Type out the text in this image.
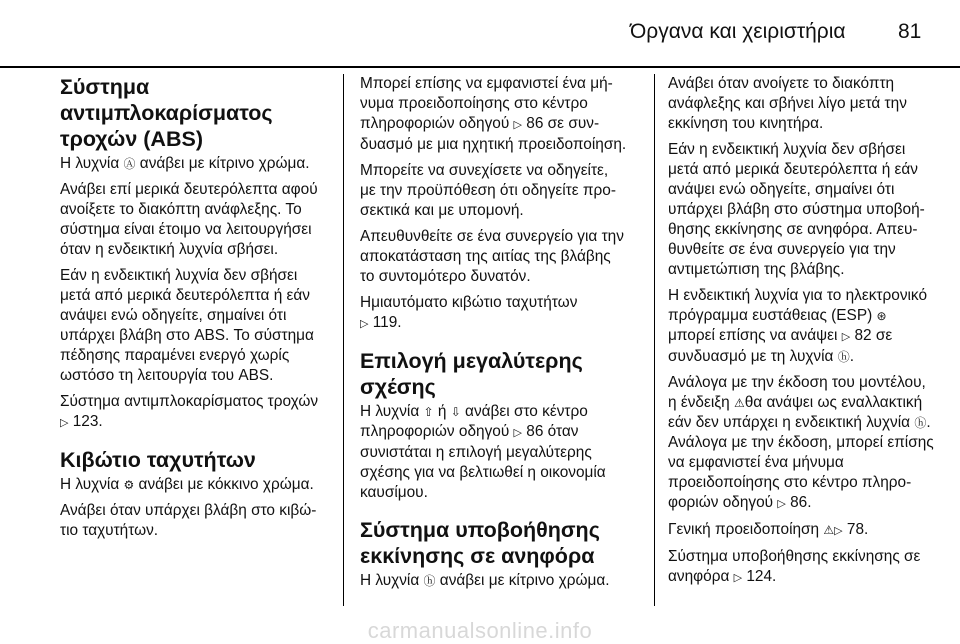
Όργανα και χειριστήρια 81
Σύστημα αντιμπλοκαρίσματος τροχών (ABS)

Η λυχνία Ⓐ ανάβει με κίτρινο χρώμα.

Ανάβει επί μερικά δευτερόλεπτα αφού ανοίξετε το διακόπτη ανάφλεξης. Το σύστημα είναι έτοιμο να λειτουργήσει όταν η ενδεικτική λυχνία σβήσει.

Εάν η ενδεικτική λυχνία δεν σβήσει μετά από μερικά δευτερόλεπτα ή εάν ανάψει ενώ οδηγείτε, σημαίνει ότι υπάρχει βλάβη στο ABS. Το σύστημα πέδησης παραμένει ενεργό χωρίς ωστόσο τη λειτουργία του ABS.

Σύστημα αντιμπλοκαρίσματος τροχών ▷ 123.

Κιβώτιο ταχυτήτων

Η λυχνία ⚙ ανάβει με κόκκινο χρώμα.

Ανάβει όταν υπάρχει βλάβη στο κιβώτιο ταχυτήτων.

Μπορεί επίσης να εμφανιστεί ένα μήνυμα προειδοποίησης στο κέντρο πληροφοριών οδηγού ▷ 86 σε συνδυασμό με μια ηχητική προειδοποίηση.

Μπορείτε να συνεχίσετε να οδηγείτε, με την προϋπόθεση ότι οδηγείτε προσεκτικά και με υπομονή.

Απευθυνθείτε σε ένα συνεργείο για την αποκατάσταση της αιτίας της βλάβης το συντομότερο δυνατόν.

Ημιαυτόματο κιβώτιο ταχυτήτων
▷ 119.

Επιλογή μεγαλύτερης σχέσης

Η λυχνία ⇧ ή ⇩ ανάβει στο κέντρο πληροφοριών οδηγού ▷ 86 όταν συνιστάται η επιλογή μεγαλύτερης σχέσης για να βελτιωθεί η οικονομία καυσίμου.

Σύστημα υποβοήθησης εκκίνησης σε ανηφόρα

Η λυχνία ⓗ ανάβει με κίτρινο χρώμα.

Ανάβει όταν ανοίγετε το διακόπτη ανάφλεξης και σβήνει λίγο μετά την εκκίνηση του κινητήρα.

Εάν η ενδεικτική λυχνία δεν σβήσει μετά από μερικά δευτερόλεπτα ή εάν ανάψει ενώ οδηγείτε, σημαίνει ότι υπάρχει βλάβη στο σύστημα υποβοήθησης εκκίνησης σε ανηφόρα. Απευθυνθείτε σε ένα συνεργείο για την αντιμετώπιση της βλάβης.

Η ενδεικτική λυχνία για το ηλεκτρονικό πρόγραμμα ευστάθειας (ESP) ⊛ μπορεί επίσης να ανάψει ▷ 82 σε συνδυασμό με τη λυχνία ⓗ.

Ανάλογα με την έκδοση του μοντέλου, η ένδειξη ⚠θα ανάψει ως εναλλακτική εάν δεν υπάρχει η ενδεικτική λυχνία ⓗ. Ανάλογα με την έκδοση, μπορεί επίσης να εμφανιστεί ένα μήνυμα προειδοποίησης στο κέντρο πληροφοριών οδηγού ▷ 86.

Γενική προειδοποίηση ⚠▷ 78.

Σύστημα υποβοήθησης εκκίνησης σε ανηφόρα ▷ 124.

carmanualsonline.info
